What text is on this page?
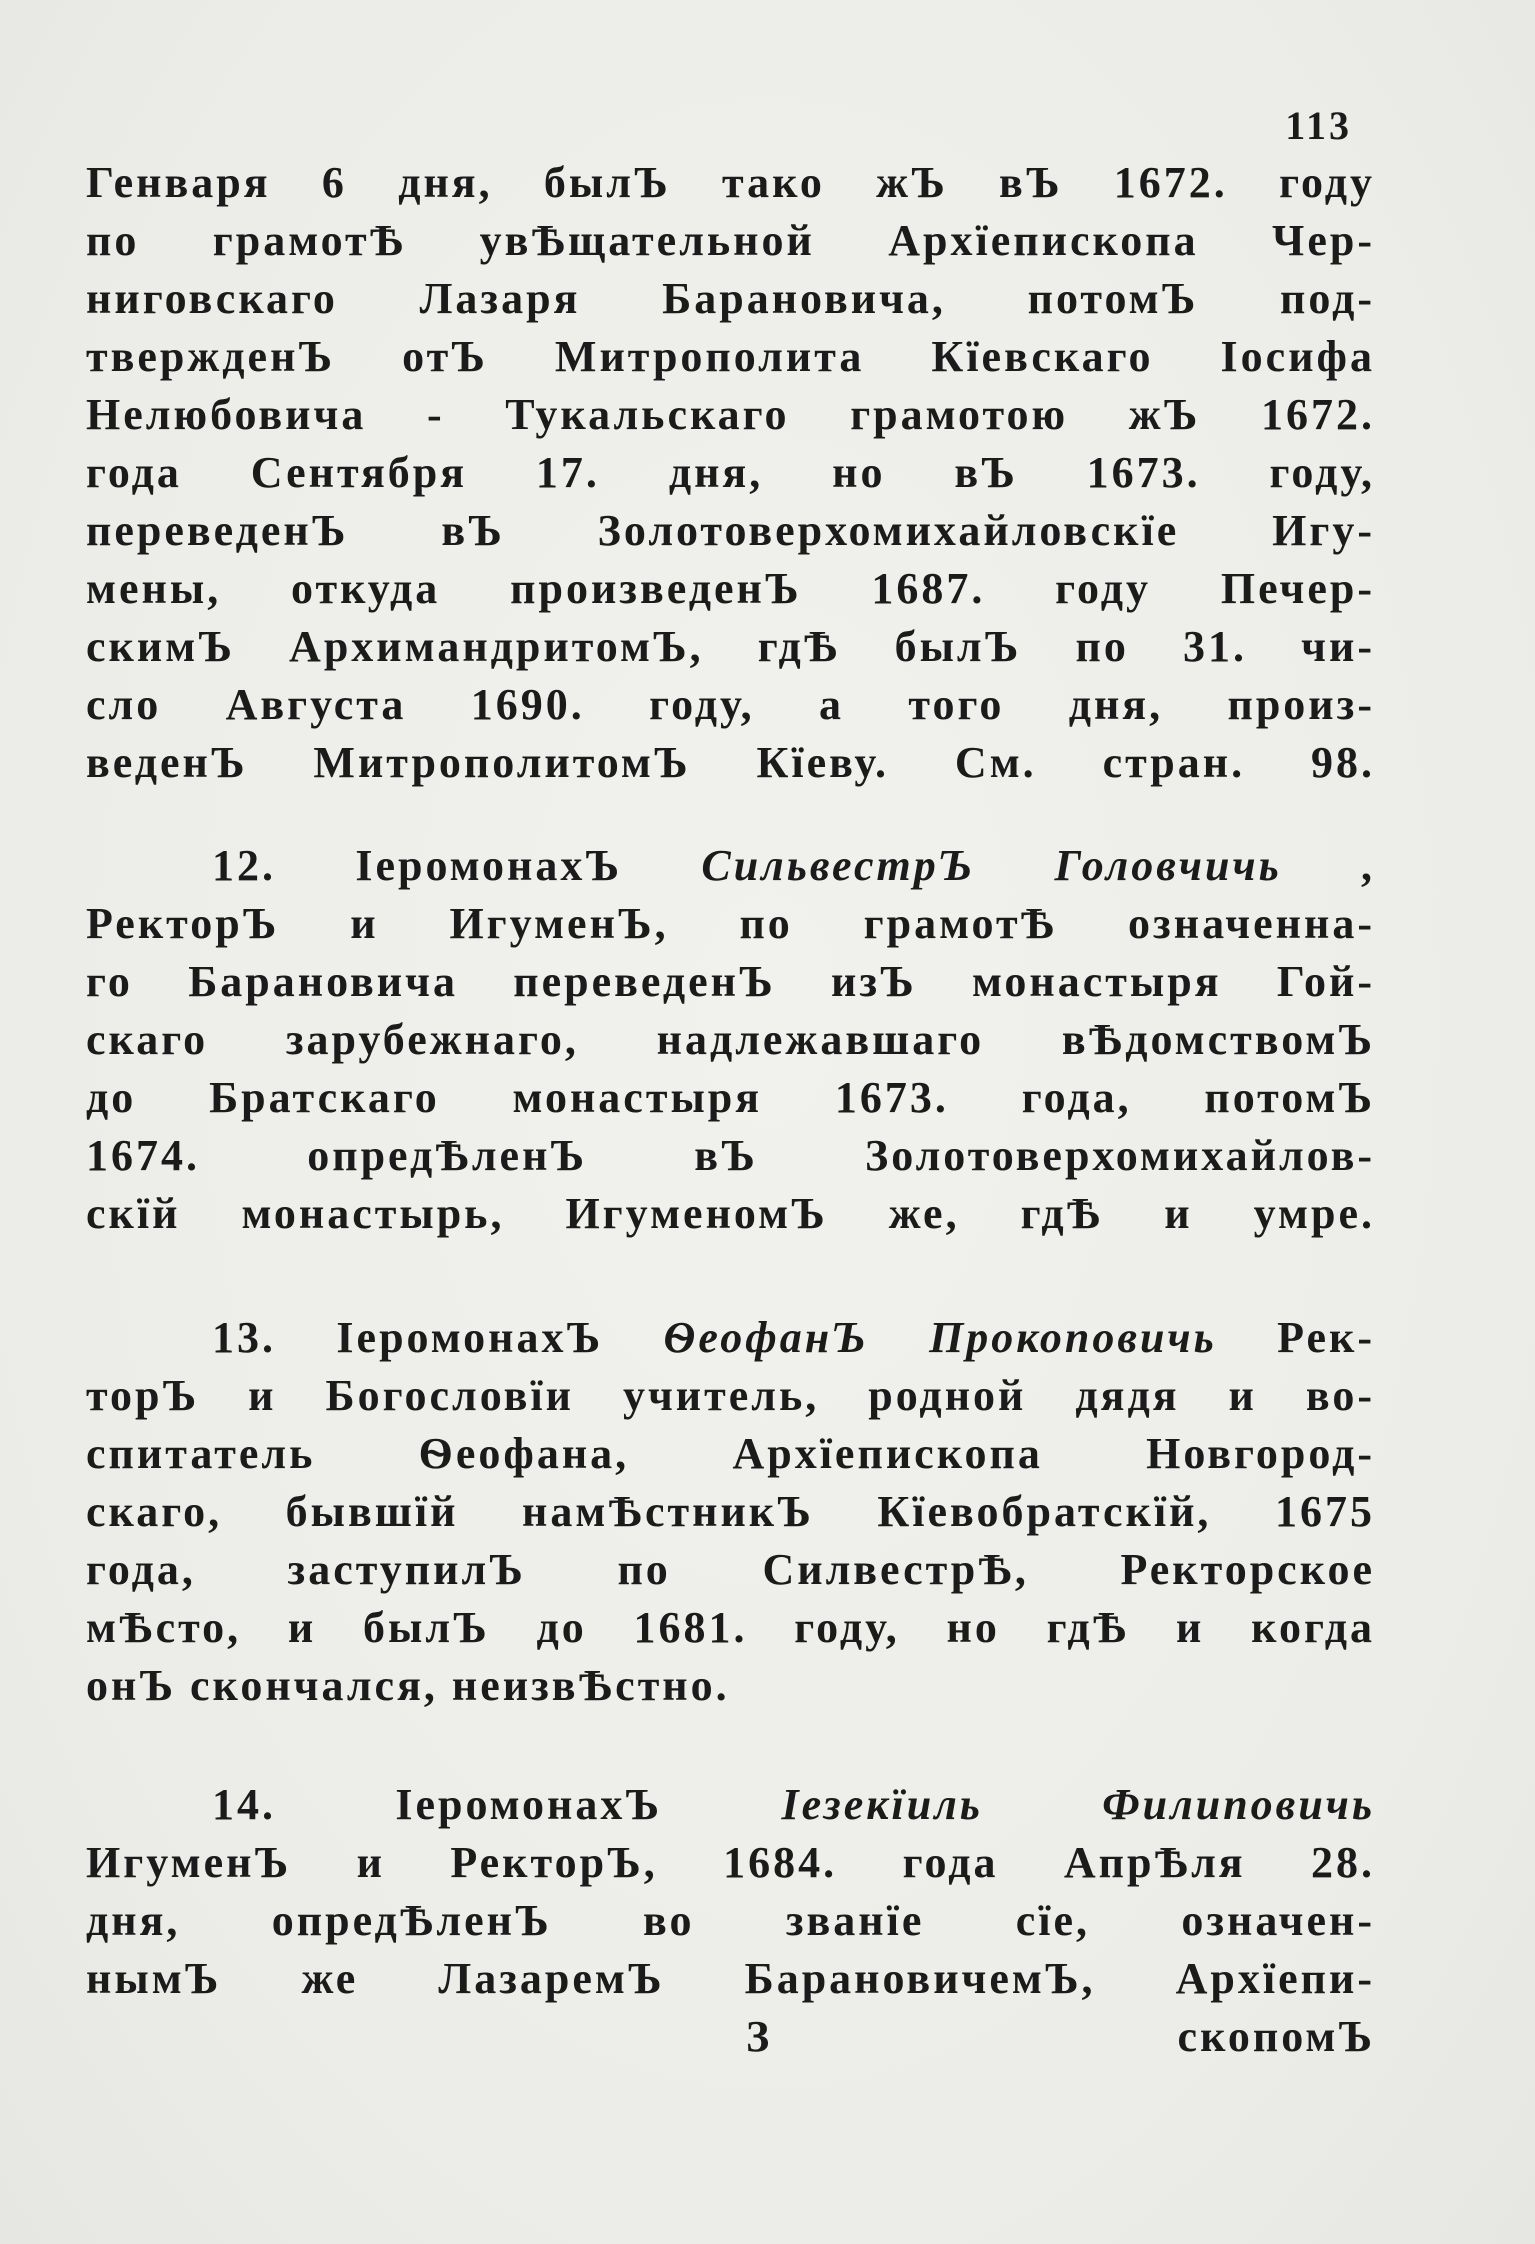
113
Генваря 6 дня, былЪ тако жЪ вЪ 1672. году
по грамотѢ увѢщательной Архїепископа Чер-
ниговскаго Лазаря Барановича, потомЪ под-
твержденЪ отЪ Митрополита Кїевскаго Іосифа
Нелюбовича - Тукальскаго грамотою жЪ 1672.
года Сентября 17. дня, но вЪ 1673. году,
переведенЪ вЪ Золотоверхомихайловскїе Игу-
мены, откуда произведенЪ 1687. году Печер-
скимЪ АрхимандритомЪ, гдѢ былЪ по 31. чи-
сло Августа 1690. году, а того дня, произ-
веденЪ МитрополитомЪ Кїеву. См. стран. 98.
12. ІеромонахЪ СильвестрЪ Головчичь ,
РекторЪ и ИгуменЪ, по грамотѢ означенна-
го Барановича переведенЪ изЪ монастыря Гой-
скаго зарубежнаго, надлежавшаго вѢдомствомЪ
до Братскаго монастыря 1673. года, потомЪ
1674. опредѢленЪ вЪ Золотоверхомихайлов-
скїй монастырь, ИгуменомЪ же, гдѢ и умре.
13. ІеромонахЪ ѲеофанЪ Прокоповичь Рек-
торЪ и Богословїи учитель, родной дядя и во-
спитатель Ѳеофана, Архїепископа Новгород-
скаго, бывшїй намѢстникЪ Кїевобратскїй, 1675
года, заступилЪ по СилвестрѢ, Ректорское
мѢсто, и былЪ до 1681. году, но гдѢ и когда
онЪ скончался, неизвѢстно.
14.	ІеромонахЪ	Іезекїиль Филиповичь
ИгуменЪ и РекторЪ, 1684. года АпрѢля 28.
дня, опредѢленЪ во званїе сїе, означен-
нымЪ же ЛазаремЪ БарановичемЪ, Архїепи-
З	скопомЪ
